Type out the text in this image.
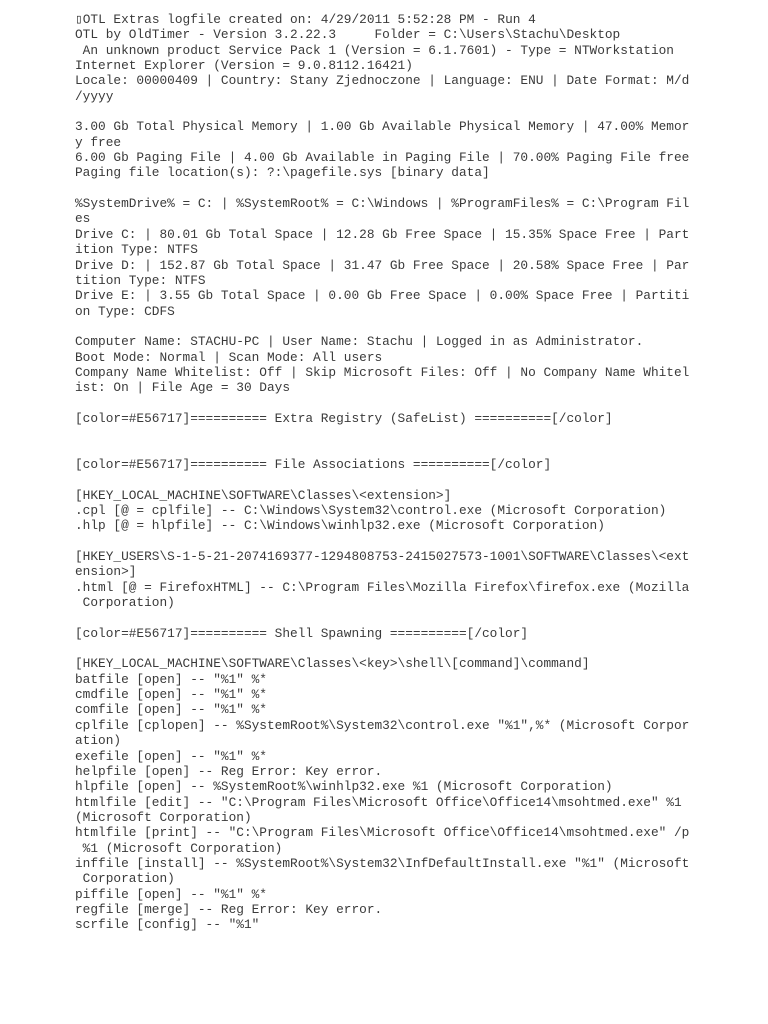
▯OTL Extras logfile created on: 4/29/2011 5:52:28 PM - Run 4
OTL by OldTimer - Version 3.2.22.3     Folder = C:\Users\Stachu\Desktop
An unknown product Service Pack 1 (Version = 6.1.7601) - Type = NTWorkstation
Internet Explorer (Version = 9.0.8112.16421)
Locale: 00000409 | Country: Stany Zjednoczone | Language: ENU | Date Format: M/d
/yyyy
3.00 Gb Total Physical Memory | 1.00 Gb Available Physical Memory | 47.00% Memor
y free
6.00 Gb Paging File | 4.00 Gb Available in Paging File | 70.00% Paging File free
Paging file location(s): ?:\pagefile.sys [binary data]
%SystemDrive% = C: | %SystemRoot% = C:\Windows | %ProgramFiles% = C:\Program Fil
es
Drive C: | 80.01 Gb Total Space | 12.28 Gb Free Space | 15.35% Space Free | Part
ition Type: NTFS
Drive D: | 152.87 Gb Total Space | 31.47 Gb Free Space | 20.58% Space Free | Par
tition Type: NTFS
Drive E: | 3.55 Gb Total Space | 0.00 Gb Free Space | 0.00% Space Free | Partiti
on Type: CDFS
Computer Name: STACHU-PC | User Name: Stachu | Logged in as Administrator.
Boot Mode: Normal | Scan Mode: All users
Company Name Whitelist: Off | Skip Microsoft Files: Off | No Company Name Whitel
ist: On | File Age = 30 Days
[color=#E56717]========== Extra Registry (SafeList) ==========[/color]
[color=#E56717]========== File Associations ==========[/color]
[HKEY_LOCAL_MACHINE\SOFTWARE\Classes\<extension>]
.cpl [@ = cplfile] -- C:\Windows\System32\control.exe (Microsoft Corporation)
.hlp [@ = hlpfile] -- C:\Windows\winhlp32.exe (Microsoft Corporation)
[HKEY_USERS\S-1-5-21-2074169377-1294808753-2415027573-1001\SOFTWARE\Classes\<ext
ension>]
.html [@ = FirefoxHTML] -- C:\Program Files\Mozilla Firefox\firefox.exe (Mozilla
Corporation)
[color=#E56717]========== Shell Spawning ==========[/color]
[HKEY_LOCAL_MACHINE\SOFTWARE\Classes\<key>\shell\[command]\command]
batfile [open] -- "%1" %*
cmdfile [open] -- "%1" %*
comfile [open] -- "%1" %*
cplfile [cplopen] -- %SystemRoot%\System32\control.exe "%1",%* (Microsoft Corpor
ation)
exefile [open] -- "%1" %*
helpfile [open] -- Reg Error: Key error.
hlpfile [open] -- %SystemRoot%\winhlp32.exe %1 (Microsoft Corporation)
htmlfile [edit] -- "C:\Program Files\Microsoft Office\Office14\msohtmed.exe" %1
(Microsoft Corporation)
htmlfile [print] -- "C:\Program Files\Microsoft Office\Office14\msohtmed.exe" /p
%1 (Microsoft Corporation)
inffile [install] -- %SystemRoot%\System32\InfDefaultInstall.exe "%1" (Microsoft
Corporation)
piffile [open] -- "%1" %*
regfile [merge] -- Reg Error: Key error.
scrfile [config] -- "%1"
